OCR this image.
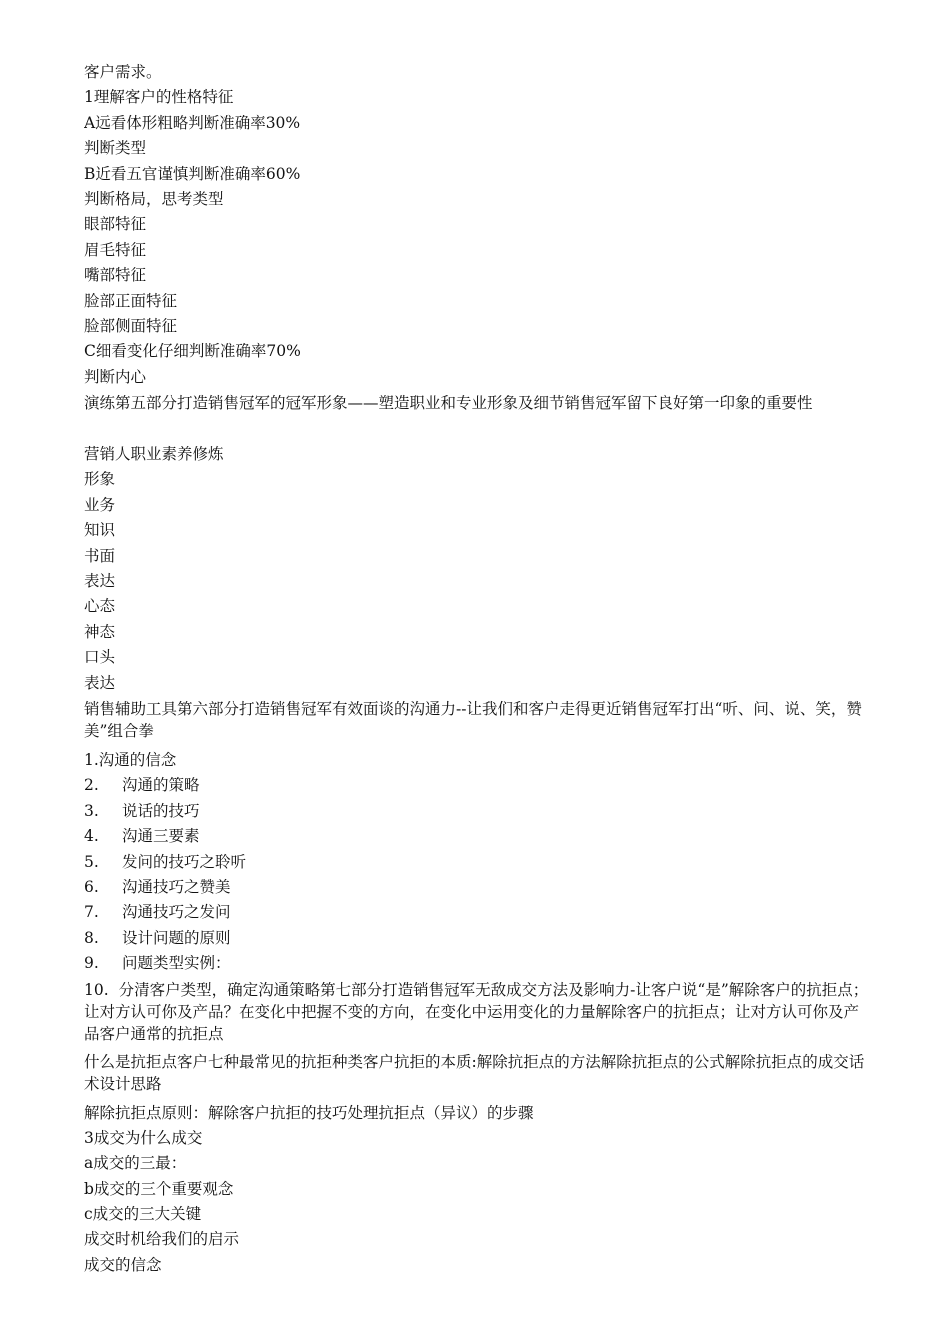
客户需求。
1理解客户的性格特征
A远看体形粗略判断准确率30%
判断类型
B近看五官谨慎判断准确率60%
判断格局，思考类型
眼部特征
眉毛特征
嘴部特征
脸部正面特征
脸部侧面特征
C细看变化仔细判断准确率70%
判断内心
演练第五部分打造销售冠军的冠军形象——塑造职业和专业形象及细节销售冠军留下良好第一印象的重要性
营销人职业素养修炼
形象
业务
知识
书面
表达
心态
神态
口头
表达
销售辅助工具第六部分打造销售冠军有效面谈的沟通力--让我们和客户走得更近销售冠军打出“听、问、说、笑，赞美”组合拳
1.沟通的信念
2. 沟通的策略
3. 说话的技巧
4. 沟通三要素
5. 发问的技巧之聆听
6. 沟通技巧之赞美
7. 沟通技巧之发问
8. 设计问题的原则
9. 问题类型实例：
10. 分清客户类型，确定沟通策略第七部分打造销售冠军无敌成交方法及影响力-让客户说“是”解除客户的抗拒点；让对方认可你及产品？在变化中把握不变的方向，在变化中运用变化的力量解除客户的抗拒点；让对方认可你及产品客户通常的抗拒点
什么是抗拒点客户七种最常见的抗拒种类客户抗拒的本质:解除抗拒点的方法解除抗拒点的公式解除抗拒点的成交话术设计思路
解除抗拒点原则：解除客户抗拒的技巧处理抗拒点（异议）的步骤
3成交为什么成交
a成交的三最：
b成交的三个重要观念
c成交的三大关键
成交时机给我们的启示
成交的信念
